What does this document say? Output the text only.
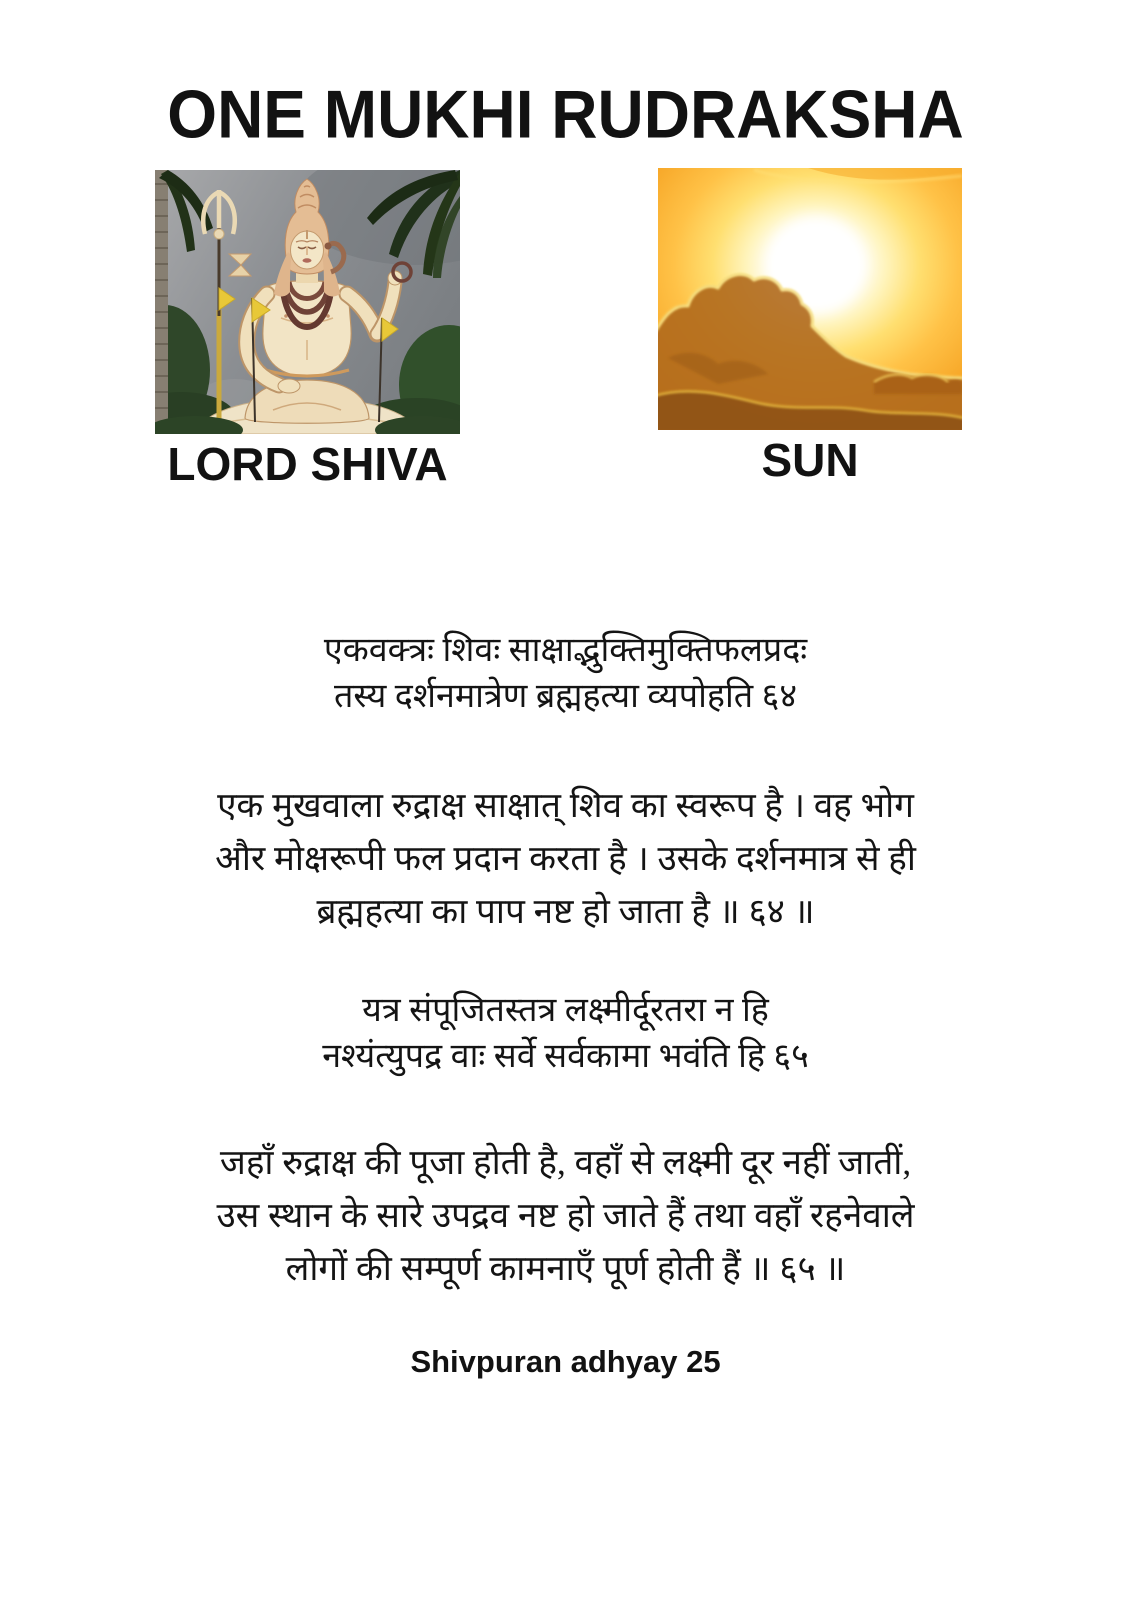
ONE MUKHI RUDRAKSHA
LORD SHIVA	SUN

एकवक्त्रः शिवः साक्षाद्भुक्तिमुक्तिफलप्रदः

तस्य दर्शनमात्रेण ब्रह्महत्या व्यपोहति ६४

एक मुखवाला रुद्राक्ष साक्षात् शिव का स्वरूप है । वह भोग

और मोक्षरूपी फल प्रदान करता है । उसके दर्शनमात्र से ही

ब्रह्महत्या का पाप नष्ट हो जाता है ॥ ६४ ॥

यत्र संपूजितस्तत्र लक्ष्मीर्दूरतरा न हि

नश्यंत्युपद्र वाः सर्वे सर्वकामा भवंति हि ६५

जहाँ रुद्राक्ष की पूजा होती है, वहाँ से लक्ष्मी दूर नहीं जातीं,

उस स्थान के सारे उपद्रव नष्ट हो जाते हैं तथा वहाँ रहनेवाले

लोगों की सम्पूर्ण कामनाएँ पूर्ण होती हैं ॥ ६५ ॥

Shivpuran adhyay 25
